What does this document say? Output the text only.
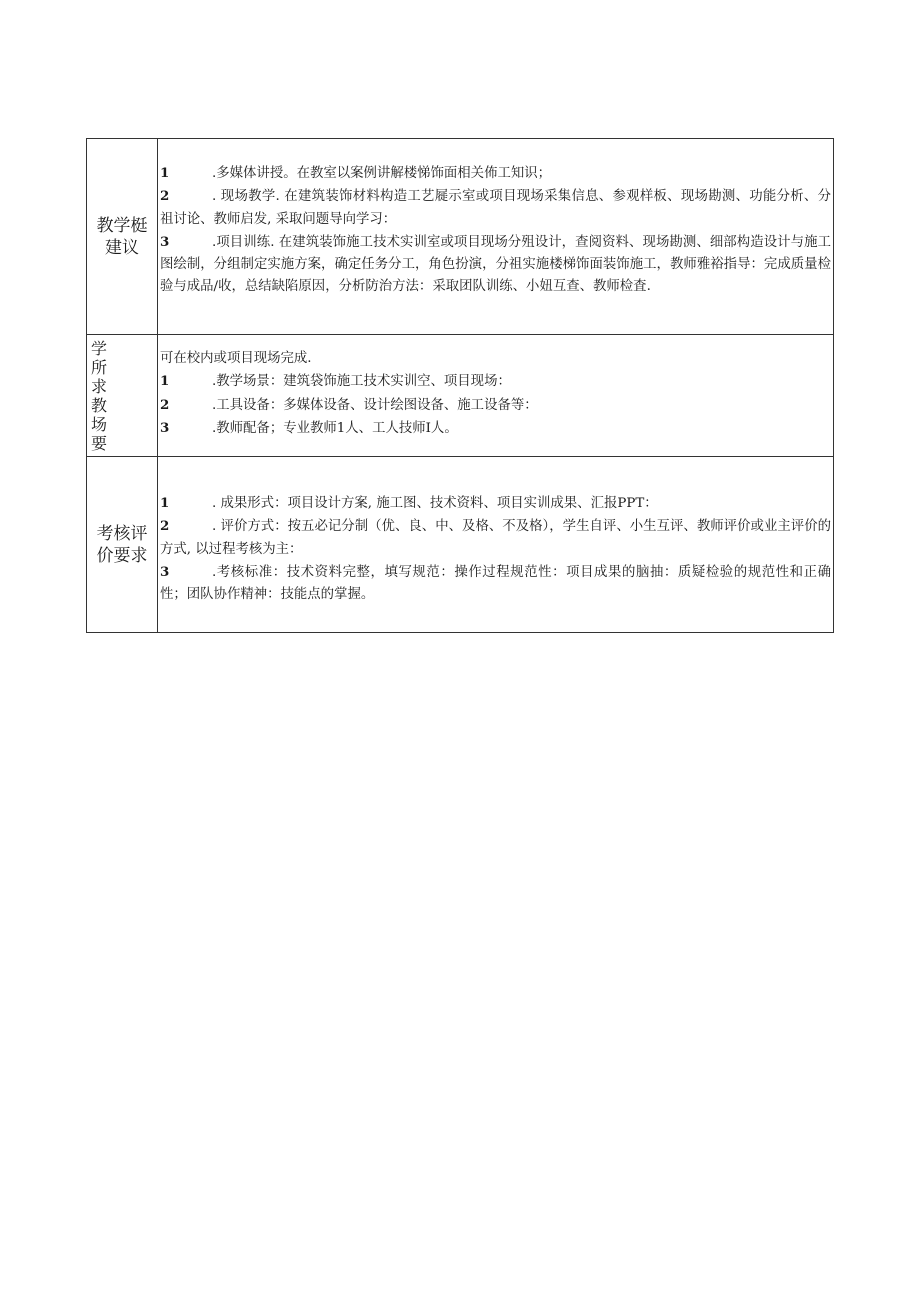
教学梃建议	1 .多媒体讲授。在教室以案例讲解楼悌饰面相关佈工知识；
2 . 现场教学. 在建筑装饰材料构造工艺屣示室或项目现场采集信息、参观样板、现场勘测、功能分析、分祖讨论、教师启发, 采取问题导向学习：
3 .项目训练. 在建筑装饰施工技术实训室或项目现场分殂设计，查阅资料、现场勘测、细部构造设计与施工图绘制，分组制定实施方案，确定任务分工，角色扮演，分祖实施楼梯饰面装饰施工，教师雅裕指导：完成质量检验与成品/收，总结缺陷原因，分析防治方法：采取团队训练、小妞互查、教师检査.

学所求教场要	可在校内或项目现场完成.
1 .教学场景：建筑袋饰施工技术实训空、项目现场：
2 .工具设备：多媒体设备、设计绘图设备、施工设备等：
3 .教师配备；专业教师1人、工人技师I人。

考核评价要求	1 . 成果形式：项目设计方案, 施工图、技术资料、项目实训成果、汇报PPT：
2 . 评价方式：按五必记分制（优、良、中、及格、不及格），学生自评、小生互评、教师评价或业主评价的方式, 以过程考核为主：
3 .考核标准：技术资料完整，填写规范：操作过程规范性：项目成果的脑抽：质疑检验的规范性和正确性；团队协作精神：技能点的掌握。
